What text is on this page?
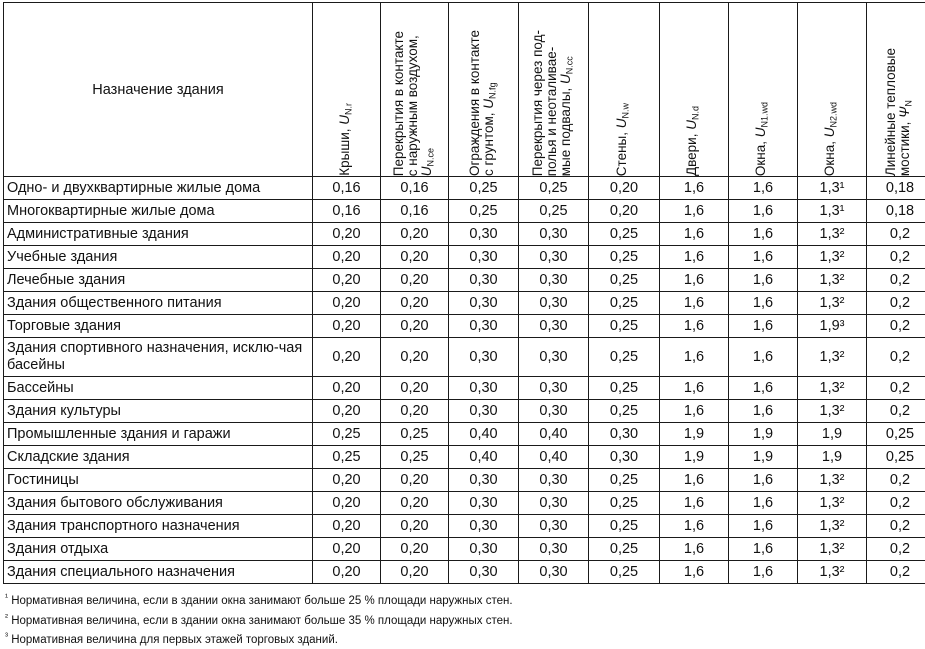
Назначение здания	Крыши, $U_{N.r}$	Перекрытия в контакте
с наружным воздухом,
$U_{N.ce}$	Ограждения в контакте
с грунтом, $U_{N.fg}$	Перекрытия через под-
полья и неоталивае-
мые подвалы, $U_{N.cc}$	Стены, $U_{N.w}$	Двери, $U_{N.d}$	Окна, $U_{N1.wd}$	Окна, $U_{N2.wd}$	Линейные тепловые
мостики, $\Psi_N$

Одно- и двухквартирные жилые дома	0,16	0,16	0,25	0,25	0,20	1,6	1,6	1,3¹	0,18
Многоквартирные жилые дома	0,16	0,16	0,25	0,25	0,20	1,6	1,6	1,3¹	0,18
Административные здания	0,20	0,20	0,30	0,30	0,25	1,6	1,6	1,3²	0,2
Учебные здания	0,20	0,20	0,30	0,30	0,25	1,6	1,6	1,3²	0,2
Лечебные здания	0,20	0,20	0,30	0,30	0,25	1,6	1,6	1,3²	0,2
Здания общественного питания	0,20	0,20	0,30	0,30	0,25	1,6	1,6	1,3²	0,2
Торговые здания	0,20	0,20	0,30	0,30	0,25	1,6	1,6	1,9³	0,2
Здания спортивного назначения, исклю-чая басейны	0,20	0,20	0,30	0,30	0,25	1,6	1,6	1,3²	0,2
Бассейны	0,20	0,20	0,30	0,30	0,25	1,6	1,6	1,3²	0,2
Здания культуры	0,20	0,20	0,30	0,30	0,25	1,6	1,6	1,3²	0,2
Промышленные здания и гаражи	0,25	0,25	0,40	0,40	0,30	1,9	1,9	1,9	0,25
Складские здания	0,25	0,25	0,40	0,40	0,30	1,9	1,9	1,9	0,25
Гостиницы	0,20	0,20	0,30	0,30	0,25	1,6	1,6	1,3²	0,2
Здания бытового обслуживания	0,20	0,20	0,30	0,30	0,25	1,6	1,6	1,3²	0,2
Здания транспортного назначения	0,20	0,20	0,30	0,30	0,25	1,6	1,6	1,3²	0,2
Здания отдыха	0,20	0,20	0,30	0,30	0,25	1,6	1,6	1,3²	0,2
Здания специального назначения	0,20	0,20	0,30	0,30	0,25	1,6	1,6	1,3²	0,2
$^{^1}$ Нормативная величина, если в здании окна занимают больше 25 % площади наружных стен.
$^{^2}$ Нормативная величина, если в здании окна занимают больше 35 % площади наружных стен.
$^{^3}$ Нормативная величина для первых этажей торговых зданий.
